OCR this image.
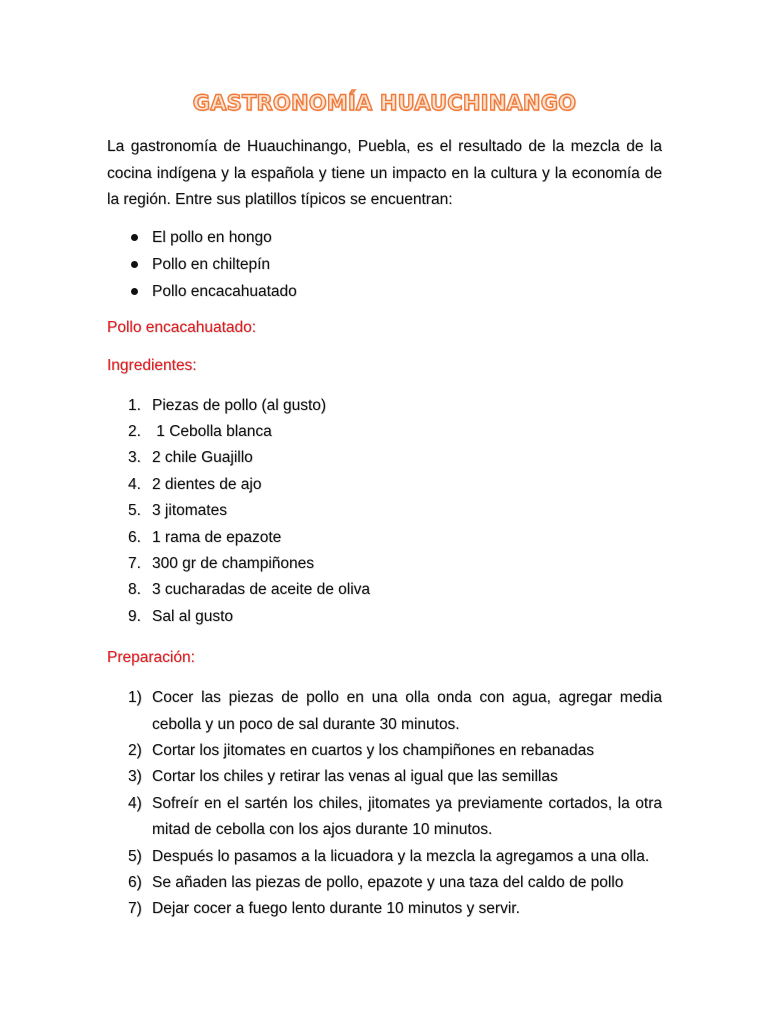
GASTRONOMÍA HUAUCHINANGO

La gastronomía de Huauchinango, Puebla, es el resultado de la mezcla de la cocina indígena y la española y tiene un impacto en la cultura y la economía de la región. Entre sus platillos típicos se encuentran:

El pollo en hongo
Pollo en chiltepín
Pollo encacahuatado

Pollo encacahuatado:

Ingredientes:

1. Piezas de pollo (al gusto)
2. 1 Cebolla blanca
3. 2 chile Guajillo
4. 2 dientes de ajo
5. 3 jitomates
6. 1 rama de epazote
7. 300 gr de champiñones
8. 3 cucharadas de aceite de oliva
9. Sal al gusto

Preparación:

1) Cocer las piezas de pollo en una olla onda con agua, agregar media cebolla y un poco de sal durante 30 minutos.
2) Cortar los jitomates en cuartos y los champiñones en rebanadas
3) Cortar los chiles y retirar las venas al igual que las semillas
4) Sofreír en el sartén los chiles, jitomates ya previamente cortados, la otra mitad de cebolla con los ajos durante 10 minutos.
5) Después lo pasamos a la licuadora y la mezcla la agregamos a una olla.
6) Se añaden las piezas de pollo, epazote y una taza del caldo de pollo
7) Dejar cocer a fuego lento durante 10 minutos y servir.
